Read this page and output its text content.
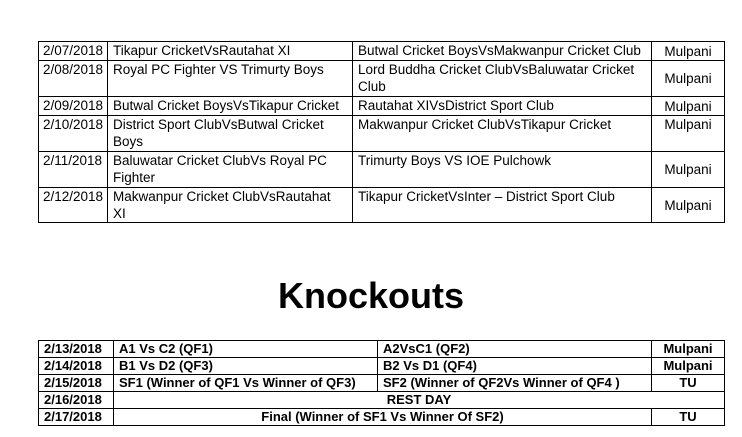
2/07/2018	Tikapur CricketVsRautahat XI	Butwal Cricket BoysVsMakwanpur Cricket Club	Mulpani
2/08/2018	Royal PC Fighter VS Trimurty Boys	Lord Buddha Cricket ClubVsBaluwatar Cricket Club	Mulpani
2/09/2018	Butwal Cricket BoysVsTikapur Cricket	Rautahat XIVsDistrict Sport Club	Mulpani
2/10/2018	District Sport ClubVsButwal Cricket Boys	Makwanpur Cricket ClubVsTikapur Cricket	Mulpani
2/11/2018	Baluwatar Cricket ClubVs Royal PC Fighter	Trimurty Boys VS IOE Pulchowk	Mulpani
2/12/2018	Makwanpur Cricket ClubVsRautahat XI	Tikapur CricketVsInter – District Sport Club	Mulpani
Knockouts
2/13/2018	A1 Vs C2 (QF1)	A2VsC1 (QF2)	Mulpani
2/14/2018	B1 Vs D2 (QF3)	B2 Vs D1 (QF4)	Mulpani
2/15/2018	SF1 (Winner of QF1 Vs Winner of QF3)	SF2 (Winner of QF2Vs Winner of QF4 )	TU
2/16/2018	REST DAY		
2/17/2018	Final (Winner of SF1 Vs Winner Of SF2)		TU
